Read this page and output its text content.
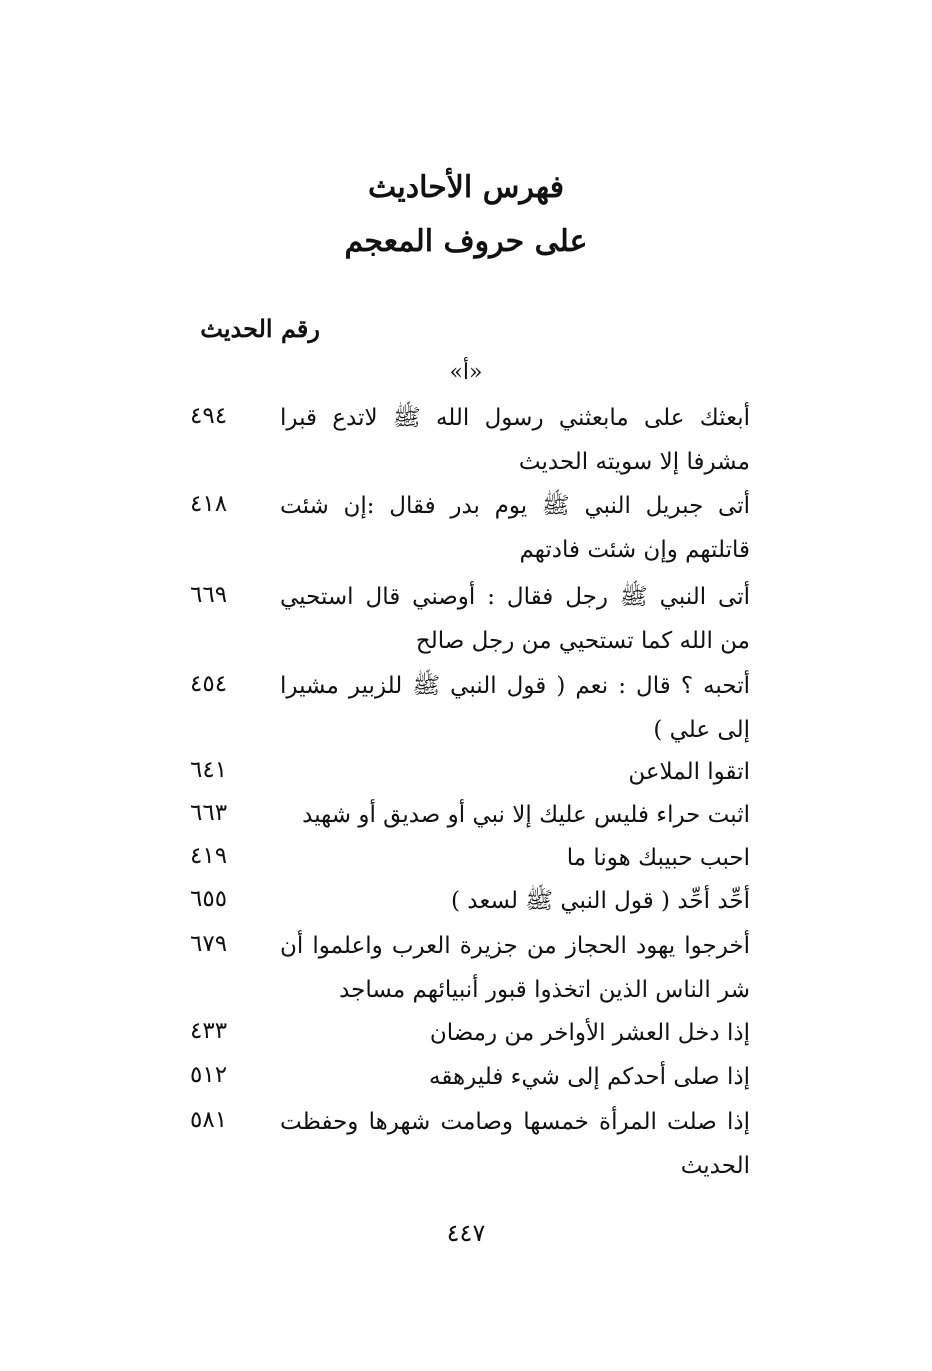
فهرس الأحاديث
على حروف المعجم
رقم الحديث
«أ»
٤٩٤	أبعثك على مابعثني رسول الله ﷺ لاتدع قبرا مشرفا إلا سويته الحديث
٤١٨	أتى جبريل النبي ﷺ يوم بدر فقال :إن شئت قاتلتهم وإن شئت فادتهم
٦٦٩	أتى النبي ﷺ رجل فقال : أوصني قال استحيي من الله كما تستحيي من رجل صالح
٤٥٤	أتحبه ؟ قال : نعم ( قول النبي ﷺ للزبير مشيرا إلى علي )
٦٤١	اتقوا الملاعن
٦٦٣	اثبت حراء فليس عليك إلا نبي أو صديق أو شهيد
٤١٩	احبب حبيبك هونا ما
٦٥٥	أحِّد أحِّد ( قول النبي ﷺ لسعد )
٦٧٩	أخرجوا يهود الحجاز من جزيرة العرب واعلموا أن شر الناس الذين اتخذوا قبور أنبيائهم مساجد
٤٣٣	إذا دخل العشر الأواخر من رمضان
٥١٢	إذا صلى أحدكم إلى شيء فليرهقه
٥٨١	إذا صلت المرأة خمسها وصامت شهرها وحفظت الحديث
٤٤٧
